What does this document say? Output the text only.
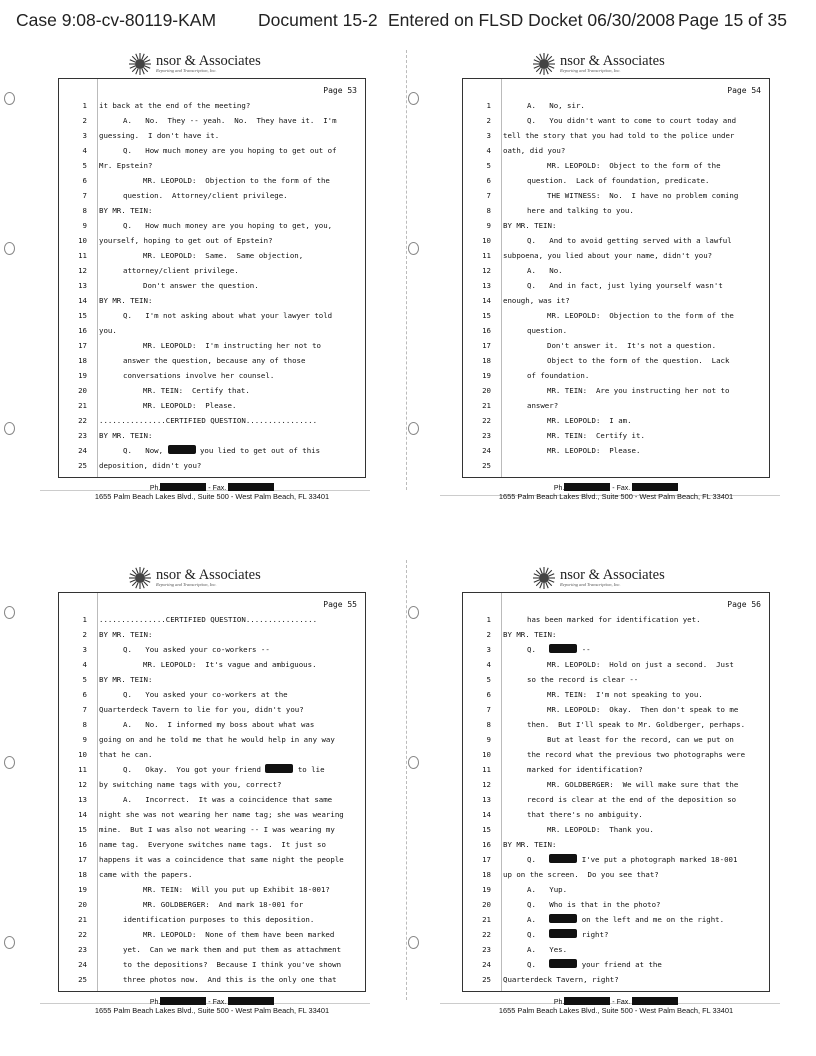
Case 9:08-cv-80119-KAM Document 15-2 Entered on FLSD Docket 06/30/2008 Page 15 of 35
nsor & Associates
Reporting and Transcription, Inc.
Page 53
1 it back at the end of the meeting?
2	A.   No.  They -- yeah.  No.  They have it.  I'm
3 guessing.  I don't have it.
4	Q.   How much money are you hoping to get out of
5 Mr. Epstein?
6	MR. LEOPOLD:  Objection to the form of the
7	question.  Attorney/client privilege.
8 BY MR. TEIN:
9	Q.   How much money are you hoping to get, you,
10 yourself, hoping to get out of Epstein?
11	MR. LEOPOLD:  Same.  Same objection,
12	attorney/client privilege.
13	Don't answer the question.
14 BY MR. TEIN:
15	Q.   I'm not asking about what your lawyer told
16 you.
17	MR. LEOPOLD:  I'm instructing her not to
18	answer the question, because any of those
19	conversations involve her counsel.
20	MR. TEIN:  Certify that.
21	MR. LEOPOLD:  Please.
22 ...............CERTIFIED QUESTION................
23 BY MR. TEIN:
24	Q.   Now,	you lied to get out of this
25 deposition, didn't you?
Ph.	- Fax.
1655 Palm Beach Lakes Blvd., Suite 500 - West Palm Beach, FL 33401
nsor & Associates
Reporting and Transcription, Inc.
Page 54
1	A.   No, sir.
2	Q.   You didn't want to come to court today and
3 tell the story that you had told to the police under
4 oath, did you?
5	MR. LEOPOLD:  Object to the form of the
6	question.  Lack of foundation, predicate.
7	THE WITNESS:  No.  I have no problem coming
8	here and talking to you.
9 BY MR. TEIN:
10	Q.   And to avoid getting served with a lawful
11 subpoena, you lied about your name, didn't you?
12	A.   No.
13	Q.   And in fact, just lying yourself wasn't
14 enough, was it?
15	MR. LEOPOLD:  Objection to the form of the
16	question.
17	Don't answer it.  It's not a question.
18	Object to the form of the question.  Lack
19	of foundation.
20	MR. TEIN:  Are you instructing her not to
21	answer?
22	MR. LEOPOLD:  I am.
23	MR. TEIN:  Certify it.
24	MR. LEOPOLD:  Please.
25
Ph.	- Fax.
1655 Palm Beach Lakes Blvd., Suite 500 - West Palm Beach, FL 33401
nsor & Associates
Reporting and Transcription, Inc.
Page 55
1 ...............CERTIFIED QUESTION................
2 BY MR. TEIN:
3	Q.   You asked your co-workers --
4	MR. LEOPOLD:  It's vague and ambiguous.
5 BY MR. TEIN:
6	Q.   You asked your co-workers at the
7 Quarterdeck Tavern to lie for you, didn't you?
8	A.   No.  I informed my boss about what was
9 going on and he told me that he would help in any way
10 that he can.
11	Q.   Okay.  You got your friend	to lie
12 by switching name tags with you, correct?
13	A.   Incorrect.  It was a coincidence that same
14 night she was not wearing her name tag; she was wearing
15 mine.  But I was also not wearing -- I was wearing my
16 name tag.  Everyone switches name tags.  It just so
17 happens it was a coincidence that same night the people
18 came with the papers.
19	MR. TEIN:  Will you put up Exhibit 18-001?
20	MR. GOLDBERGER:  And mark 18-001 for
21	identification purposes to this deposition.
22	MR. LEOPOLD:  None of them have been marked
23	yet.  Can we mark them and put them as attachment
24	to the depositions?  Because I think you've shown
25	three photos now.  And this is the only one that
Ph.	- Fax.
1655 Palm Beach Lakes Blvd., Suite 500 - West Palm Beach, FL 33401
nsor & Associates
Reporting and Transcription, Inc.
Page 56
1	has been marked for identification yet.
2 BY MR. TEIN:
3	Q.	--
4	MR. LEOPOLD:  Hold on just a second.  Just
5	so the record is clear --
6	MR. TEIN:  I'm not speaking to you.
7	MR. LEOPOLD:  Okay.  Then don't speak to me
8	then.  But I'll speak to Mr. Goldberger, perhaps.
9	But at least for the record, can we put on
10	the record what the previous two photographs were
11	marked for identification?
12	MR. GOLDBERGER:  We will make sure that the
13	record is clear at the end of the deposition so
14	that there's no ambiguity.
15	MR. LEOPOLD:  Thank you.
16 BY MR. TEIN:
17	Q.	I've put a photograph marked 18-001
18 up on the screen.  Do you see that?
19	A.   Yup.
20	Q.   Who is that in the photo?
21	A.	on the left and me on the right.
22	Q.	right?
23	A.   Yes.
24	Q.	your friend at the
25 Quarterdeck Tavern, right?
Ph.	- Fax.
1655 Palm Beach Lakes Blvd., Suite 500 - West Palm Beach, FL 33401
